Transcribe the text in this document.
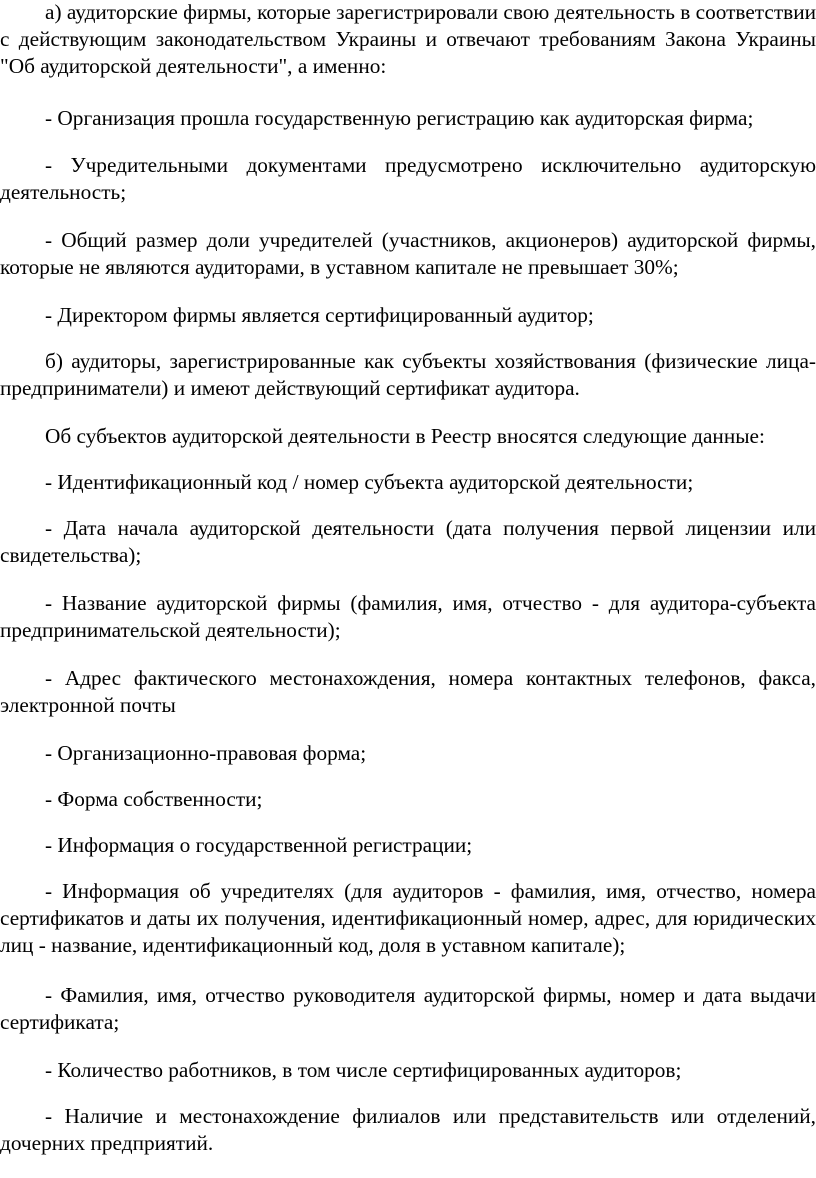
а) аудиторские фирмы, которые зарегистрировали свою деятельность в соответствии с действующим законодательством Украины и отвечают требованиям Закона Украины "Об аудиторской деятельности", а именно:

- Организация прошла государственную регистрацию как аудиторская фирма;

- Учредительными документами предусмотрено исключительно аудиторскую деятельность;

- Общий размер доли учредителей (участников, акционеров) аудиторской фирмы, которые не являются аудиторами, в уставном капитале не превышает 30%;

- Директором фирмы является сертифицированный аудитор;

б) аудиторы, зарегистрированные как субъекты хозяйствования (физические лица-предприниматели) и имеют действующий сертификат аудитора.

Об субъектов аудиторской деятельности в Реестр вносятся следующие данные:

- Идентификационный код / номер субъекта аудиторской деятельности;

- Дата начала аудиторской деятельности (дата получения первой лицензии или свидетельства);

- Название аудиторской фирмы (фамилия, имя, отчество - для аудитора-субъекта предпринимательской деятельности);

- Адрес фактического местонахождения, номера контактных телефонов, факса, электронной почты

- Организационно-правовая форма;

- Форма собственности;

- Информация о государственной регистрации;

- Информация об учредителях (для аудиторов - фамилия, имя, отчество, номера сертификатов и даты их получения, идентификационный номер, адрес, для юридических лиц - название, идентификационный код, доля в уставном капитале);

- Фамилия, имя, отчество руководителя аудиторской фирмы, номер и дата выдачи сертификата;

- Количество работников, в том числе сертифицированных аудиторов;

- Наличие и местонахождение филиалов или представительств или отделений, дочерних предприятий.
